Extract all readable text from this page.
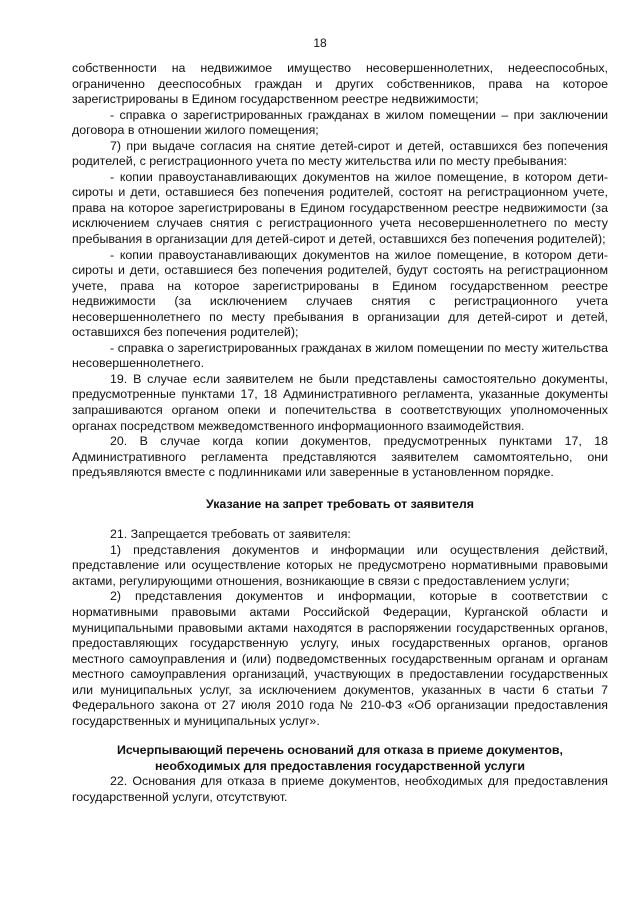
18

собственности на недвижимое имущество несовершеннолетних, недееспособных, ограниченно дееспособных граждан и других собственников, права на которое зарегистрированы в Едином государственном реестре недвижимости;

- справка о зарегистрированных гражданах в жилом помещении – при заключении договора в отношении жилого помещения;

7) при выдаче согласия на снятие детей-сирот и детей, оставшихся без попечения родителей, с регистрационного учета по месту жительства или по месту пребывания:

- копии правоустанавливающих документов на жилое помещение, в котором дети-сироты и дети, оставшиеся без попечения родителей, состоят на регистрационном учете, права на которое зарегистрированы в Едином государственном реестре недвижимости (за исключением случаев снятия с регистрационного учета несовершеннолетнего по месту пребывания в организации для детей-сирот и детей, оставшихся без попечения родителей);

- копии правоустанавливающих документов на жилое помещение, в котором дети-сироты и дети, оставшиеся без попечения родителей, будут состоять на регистрационном учете, права на которое зарегистрированы в Едином государственном реестре недвижимости (за исключением случаев снятия с регистрационного учета несовершеннолетнего по месту пребывания в организации для детей-сирот и детей, оставшихся без попечения родителей);

- справка о зарегистрированных гражданах в жилом помещении по месту жительства несовершеннолетнего.

19. В случае если заявителем не были представлены самостоятельно документы, предусмотренные пунктами 17, 18 Административного регламента, указанные документы запрашиваются органом опеки и попечительства в соответствующих уполномоченных органах посредством межведомственного информационного взаимодействия.

20. В случае когда копии документов, предусмотренных пунктами 17, 18 Административного регламента представляются заявителем самомтоятельно, они предъявляются вместе с подлинниками или заверенные в установленном порядке.

Указание на запрет требовать от заявителя

21. Запрещается требовать от заявителя:

1) представления документов и информации или осуществления действий, представление или осуществление которых не предусмотрено нормативными правовыми актами, регулирующими отношения, возникающие в связи с предоставлением услуги;

2) представления документов и информации, которые в соответствии с нормативными правовыми актами Российской Федерации, Курганской области и муниципальными правовыми актами находятся в распоряжении государственных органов, предоставляющих государственную услугу, иных государственных органов, органов местного самоуправления и (или) подведомственных государственным органам и органам местного самоуправления организаций, участвующих в предоставлении государственных или муниципальных услуг, за исключением документов, указанных в части 6 статьи 7 Федерального закона от 27 июля 2010 года № 210-ФЗ «Об организации предоставления государственных и муниципальных услуг».

Исчерпывающий перечень оснований для отказа в приеме документов,
необходимых для предоставления государственной услуги

22. Основания для отказа в приеме документов, необходимых для предоставления государственной услуги, отсутствуют.
